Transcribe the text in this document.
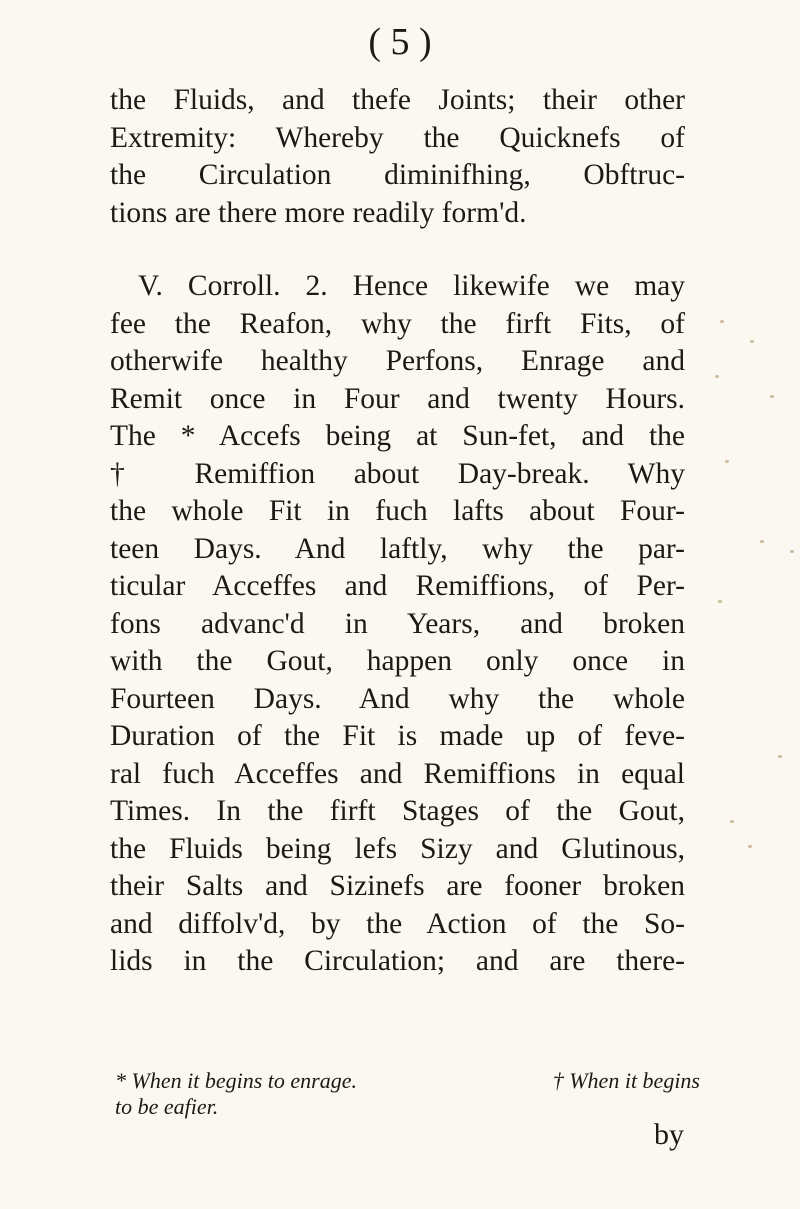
( 5 )
the Fluids, and thefe Joints; their other
Extremity: Whereby the Quicknefs of
the Circulation diminifhing, Obftruc-
tions are there more readily form'd.
V. Corroll. 2. Hence likewife we may
fee the Reafon, why the firft Fits, of
otherwife healthy Perfons, Enrage and
Remit once in Four and twenty Hours.
The * Accefs being at Sun-fet, and the
† Remiffion about Day-break. Why
the whole Fit in fuch lafts about Four-
teen Days. And laftly, why the par-
ticular Acceffes and Remiffions, of Per-
fons advanc'd in Years, and broken
with the Gout, happen only once in
Fourteen Days. And why the whole
Duration of the Fit is made up of feve-
ral fuch Acceffes and Remiffions in equal
Times. In the firft Stages of the Gout,
the Fluids being lefs Sizy and Glutinous,
their Salts and Sizinefs are fooner broken
and diffolv'd, by the Action of the So-
lids in the Circulation; and are there-
* When it begins to enrage.	† When it begins
to be eafier.
by
